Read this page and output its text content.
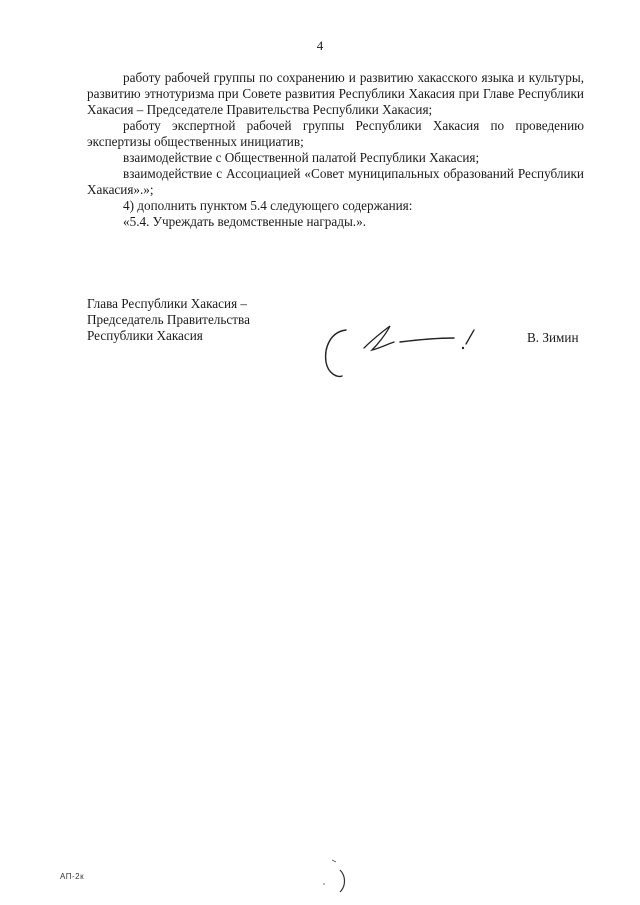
4

работу рабочей группы по сохранению и развитию хакасского языка и культуры, развитию этнотуризма при Совете развития Республики Хакасия при Главе Республики Хакасия – Председателе Правительства Республики Хакасия;

работу экспертной рабочей группы Республики Хакасия по проведению экспертизы общественных инициатив;

взаимодействие с Общественной палатой Республики Хакасия;

взаимодействие с Ассоциацией «Совет муниципальных образований Республики Хакасия».»;

4) дополнить пунктом 5.4 следующего содержания:

«5.4. Учреждать ведомственные награды.».

Глава Республики Хакасия –
Председатель Правительства
Республики Хакасия	В. Зимин
АП-2к
